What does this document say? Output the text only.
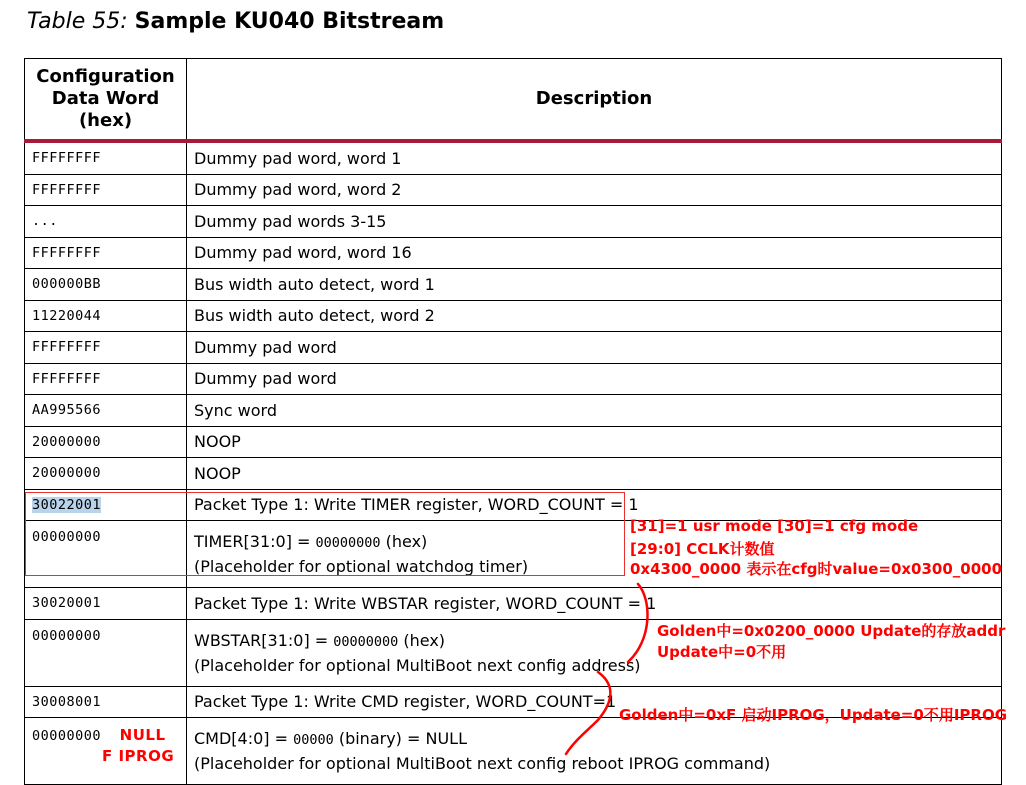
Table 55: Sample KU040 Bitstream
Configuration Data Word (hex)	Description
FFFFFFFF	Dummy pad word, word 1
FFFFFFFF	Dummy pad word, word 2
...	Dummy pad words 3-15
FFFFFFFF	Dummy pad word, word 16
000000BB	Bus width auto detect, word 1
11220044	Bus width auto detect, word 2
FFFFFFFF	Dummy pad word
FFFFFFFF	Dummy pad word
AA995566	Sync word
20000000	NOOP
20000000	NOOP
30022001	Packet Type 1: Write TIMER register, WORD_COUNT = 1
00000000	TIMER[31:0] = 00000000 (hex)
(Placeholder for optional watchdog timer)

30020001	Packet Type 1: Write WBSTAR register, WORD_COUNT = 1
00000000	WBSTAR[31:0] = 00000000 (hex)
(Placeholder for optional MultiBoot next config address)

30008001	Packet Type 1: Write CMD register, WORD_COUNT=1
00000000 NULL
F IPROG	CMD[4:0] = 00000 (binary) = NULL
(Placeholder for optional MultiBoot next config reboot IPROG command)
[31]=1 usr mode [30]=1 cfg mode
[29:0] CCLK计数值
0x4300_0000 表示在cfg时value=0x0300_0000
Golden中=0x0200_0000 Update的存放addr
Update中=0不用
Golden中=0xF 启动IPROG，Update=0不用IPROG
